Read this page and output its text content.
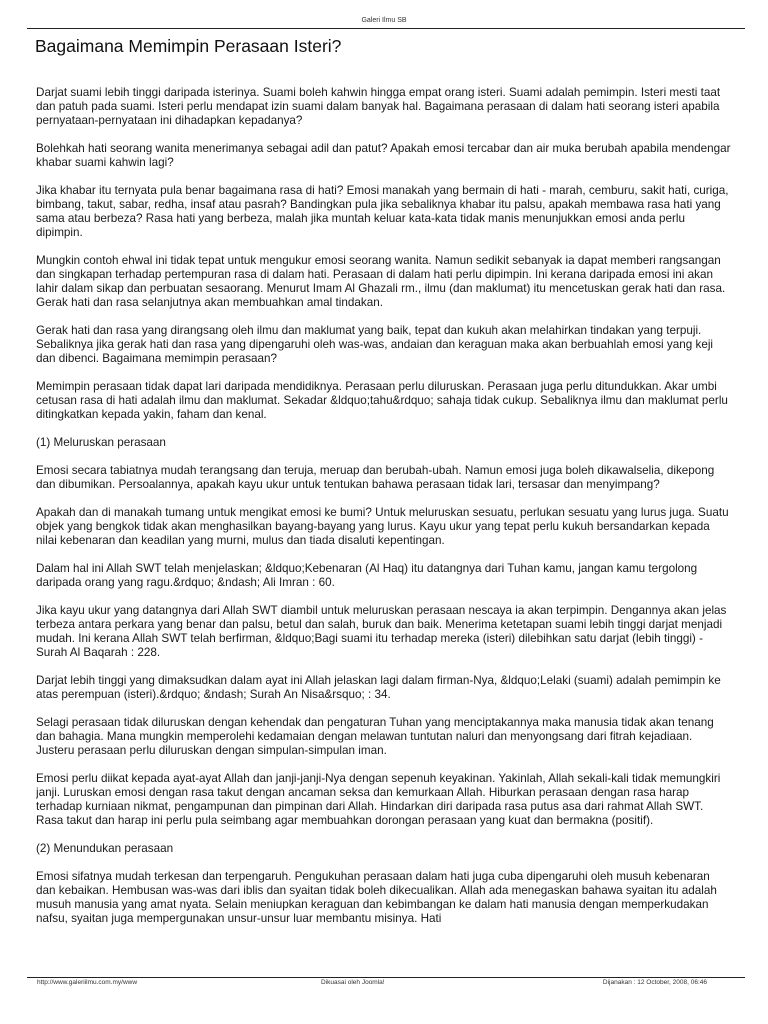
Galeri Ilmu SB
Bagaimana Memimpin Perasaan Isteri?

Darjat suami lebih tinggi daripada isterinya. Suami boleh kahwin hingga empat orang isteri. Suami adalah pemimpin. Isteri mesti taat dan patuh pada suami. Isteri perlu mendapat izin suami dalam banyak hal. Bagaimana perasaan di dalam hati seorang isteri apabila pernyataan-pernyataan ini dihadapkan kepadanya?

Bolehkah hati seorang wanita menerimanya sebagai adil dan patut? Apakah emosi tercabar dan air muka berubah apabila mendengar khabar suami kahwin lagi?

Jika khabar itu ternyata pula benar bagaimana rasa di hati? Emosi manakah yang bermain di hati - marah, cemburu, sakit hati, curiga, bimbang, takut, sabar, redha, insaf atau pasrah? Bandingkan pula jika sebaliknya khabar itu palsu, apakah membawa rasa hati yang sama atau berbeza? Rasa hati yang berbeza, malah jika muntah keluar kata-kata tidak manis menunjukkan emosi anda perlu dipimpin.

Mungkin contoh ehwal ini tidak tepat untuk mengukur emosi seorang wanita. Namun sedikit sebanyak ia dapat memberi rangsangan dan singkapan terhadap pertempuran rasa di dalam hati. Perasaan di dalam hati perlu dipimpin. Ini kerana daripada emosi ini akan lahir dalam sikap dan perbuatan sesaorang. Menurut Imam Al Ghazali rm., ilmu (dan maklumat) itu mencetuskan gerak hati dan rasa. Gerak hati dan rasa selanjutnya akan membuahkan amal tindakan.

Gerak hati dan rasa yang dirangsang oleh ilmu dan maklumat yang baik, tepat dan kukuh akan melahirkan tindakan yang terpuji. Sebaliknya jika gerak hati dan rasa yang dipengaruhi oleh was-was, andaian dan keraguan maka akan berbuahlah emosi yang keji dan dibenci. Bagaimana memimpin perasaan?

Memimpin perasaan tidak dapat lari daripada mendidiknya. Perasaan perlu diluruskan. Perasaan juga perlu ditundukkan. Akar umbi cetusan rasa di hati adalah ilmu dan maklumat. Sekadar &ldquo;tahu&rdquo; sahaja tidak cukup. Sebaliknya ilmu dan maklumat perlu ditingkatkan kepada yakin, faham dan kenal.

(1) Meluruskan perasaan

Emosi secara tabiatnya mudah terangsang dan teruja, meruap dan berubah-ubah. Namun emosi juga boleh dikawalselia, dikepong dan dibumikan. Persoalannya, apakah kayu ukur untuk tentukan bahawa perasaan tidak lari, tersasar dan menyimpang?

Apakah dan di manakah tumang untuk mengikat emosi ke bumi? Untuk meluruskan sesuatu, perlukan sesuatu yang lurus juga. Suatu objek yang bengkok tidak akan menghasilkan bayang-bayang yang lurus. Kayu ukur yang tepat perlu kukuh bersandarkan kepada nilai kebenaran dan keadilan yang murni, mulus dan tiada disaluti kepentingan.

Dalam hal ini Allah SWT telah menjelaskan; &ldquo;Kebenaran (Al Haq) itu datangnya dari Tuhan kamu, jangan kamu tergolong daripada orang yang ragu.&rdquo; &ndash; Ali Imran : 60.

Jika kayu ukur yang datangnya dari Allah SWT diambil untuk meluruskan perasaan nescaya ia akan terpimpin. Dengannya akan jelas terbeza antara perkara yang benar dan palsu, betul dan salah, buruk dan baik. Menerima ketetapan suami lebih tinggi darjat menjadi mudah. Ini kerana Allah SWT telah berfirman, &ldquo;Bagi suami itu terhadap mereka (isteri) dilebihkan satu darjat (lebih tinggi) - Surah Al Baqarah : 228.

Darjat lebih tinggi yang dimaksudkan dalam ayat ini Allah jelaskan lagi dalam firman-Nya, &ldquo;Lelaki (suami) adalah pemimpin ke atas perempuan (isteri).&rdquo; &ndash; Surah An Nisa&rsquo; : 34.

Selagi perasaan tidak diluruskan dengan kehendak dan pengaturan Tuhan yang menciptakannya maka manusia tidak akan tenang dan bahagia. Mana mungkin memperolehi kedamaian dengan melawan tuntutan naluri dan menyongsang dari fitrah kejadiaan. Justeru perasaan perlu diluruskan dengan simpulan-simpulan iman.

Emosi perlu diikat kepada ayat-ayat Allah dan janji-janji-Nya dengan sepenuh keyakinan. Yakinlah, Allah sekali-kali tidak memungkiri janji. Luruskan emosi dengan rasa takut dengan ancaman seksa dan kemurkaan Allah. Hiburkan perasaan dengan rasa harap terhadap kurniaan nikmat, pengampunan dan pimpinan dari Allah. Hindarkan diri daripada rasa putus asa dari rahmat Allah SWT. Rasa takut dan harap ini perlu pula seimbang agar membuahkan dorongan perasaan yang kuat dan bermakna (positif).

(2) Menundukan perasaan

Emosi sifatnya mudah terkesan dan terpengaruh. Pengukuhan perasaan dalam hati juga cuba dipengaruhi oleh musuh kebenaran dan kebaikan. Hembusan was-was dari iblis dan syaitan tidak boleh dikecualikan. Allah ada menegaskan bahawa syaitan itu adalah musuh manusia yang amat nyata. Selain meniupkan keraguan dan kebimbangan ke dalam hati manusia dengan memperkudakan nafsu, syaitan juga mempergunakan unsur-unsur luar membantu misinya. Hati

http://www.galeriilmu.com.my/www	Dikuasai oleh Joomla!	Dijanakan : 12 October, 2008, 06:46
